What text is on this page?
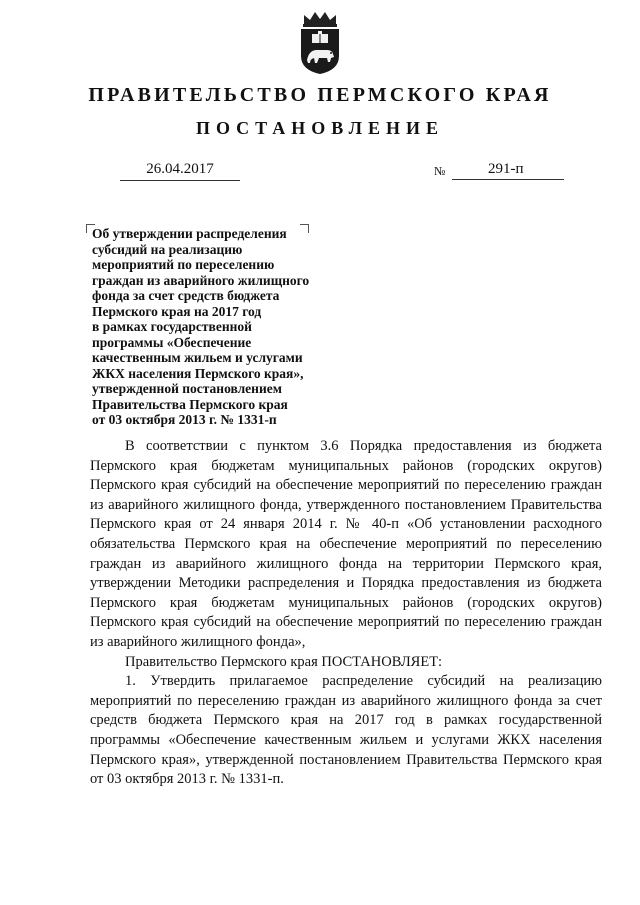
ПРАВИТЕЛЬСТВО ПЕРМСКОГО КРАЯ
ПОСТАНОВЛЕНИЕ
26.04.2017	№	291-п
Об утверждении распределения
субсидий на реализацию
мероприятий по переселению
граждан из аварийного жилищного
фонда за счет средств бюджета
Пермского края на 2017 год
в рамках государственной
программы «Обеспечение
качественным жильем и услугами
ЖКХ населения Пермского края»,
утвержденной постановлением
Правительства Пермского края
от 03 октября 2013 г. № 1331-п

В соответствии с пунктом 3.6 Порядка предоставления из бюджета Пермского края бюджетам муниципальных районов (городских округов) Пермского края субсидий на обеспечение мероприятий по переселению граждан из аварийного жилищного фонда, утвержденного постановлением Правительства Пермского края от 24 января 2014 г. № 40-п «Об установлении расходного обязательства Пермского края на обеспечение мероприятий по переселению граждан из аварийного жилищного фонда на территории Пермского края, утверждении Методики распределения и Порядка предоставления из бюджета Пермского края бюджетам муниципальных районов (городских округов) Пермского края субсидий на обеспечение мероприятий по переселению граждан из аварийного жилищного фонда»,

Правительство Пермского края ПОСТАНОВЛЯЕТ:

1. Утвердить прилагаемое распределение субсидий на реализацию мероприятий по переселению граждан из аварийного жилищного фонда за счет средств бюджета Пермского края на 2017 год в рамках государственной программы «Обеспечение качественным жильем и услугами ЖКХ населения Пермского края», утвержденной постановлением Правительства Пермского края от 03 октября 2013 г. № 1331-п.
